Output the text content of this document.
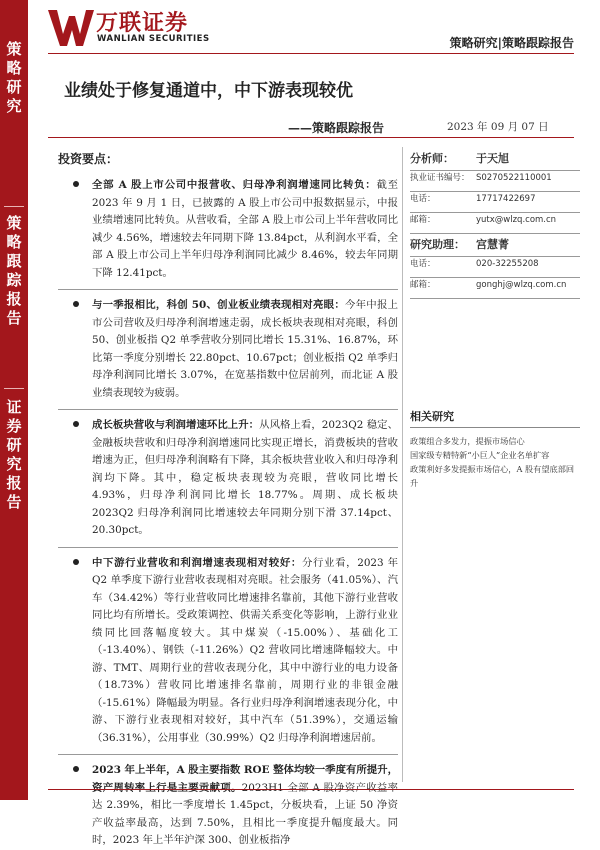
策略研究
策略跟踪报告
证券研究报告
万联证券
WANLIAN SECURITIES	策略研究|策略跟踪报告
业绩处于修复通道中，中下游表现较优
——策略跟踪报告	2023 年 09 月 07 日
投资要点：
全部 A 股上市公司中报营收、归母净利润增速同比转负：截至 2023 年 9 月 1 日，已披露的 A 股上市公司中报数据显示，中报业绩增速同比转负。从营收看，全部 A 股上市公司上半年营收同比减少 4.56%，增速较去年同期下降 13.84pct，从利润水平看，全部 A 股上市公司上半年归母净利润同比减少 8.46%，较去年同期下降 12.41pct。
与一季报相比，科创 50、创业板业绩表现相对亮眼：今年中报上市公司营收及归母净利润增速走弱，成长板块表现相对亮眼，科创 50、创业板指 Q2 单季营收分别同比增长 15.31%、16.87%，环比第一季度分别增长 22.80pct、10.67pct；创业板指 Q2 单季归母净利润同比增长 3.07%，在宽基指数中位居前列，而北证 A 股业绩表现较为疲弱。
成长板块营收与利润增速环比上升：从风格上看，2023Q2 稳定、金融板块营收和归母净利润增速同比实现正增长，消费板块的营收增速为正，但归母净利润略有下降，其余板块营业收入和归母净利润均下降。其中，稳定板块表现较为亮眼，营收同比增长 4.93%，归母净利润同比增长 18.77%。周期、成长板块 2023Q2 归母净利润同比增速较去年同期分别下滑 37.14pct、20.30pct。
中下游行业营收和利润增速表现相对较好：分行业看，2023 年 Q2 单季度下游行业营收表现相对亮眼。社会服务（41.05%）、汽车（34.42%）等行业营收同比增速排名靠前，其他下游行业营收同比均有所增长。受政策调控、供需关系变化等影响，上游行业业绩同比回落幅度较大。其中煤炭（-15.00%）、基础化工（-13.40%）、钢铁（-11.26%）Q2 营收同比增速降幅较大。中游、TMT、周期行业的营收表现分化，其中中游行业的电力设备（18.73%）营收同比增速排名靠前，周期行业的非银金融（-15.61%）降幅最为明显。各行业归母净利润增速表现分化，中游、下游行业表现相对较好，其中汽车（51.39%），交通运输（36.31%），公用事业（30.99%）Q2 归母净利润增速居前。
2023 年上半年，A 股主要指数 ROE 整体均较一季度有所提升，资产周转率上行是主要贡献项。2023H1 全部 A 股净资产收益率达 2.39%，相比一季度增长 1.45pct，分板块看，上证 50 净资产收益率最高，达到 7.50%，且相比一季度提升幅度最大。同时，2023 年上半年沪深 300、创业板指净
分析师：	于天旭
执业证书编号： S0270522110001
电话：	17717422697
邮箱：	yutx@wlzq.com.cn
研究助理：	宫慧菁
电话：	020-32255208
邮箱：	gonghj@wlzq.com.cn
相关研究
政策组合多发力，提振市场信心
国家级专精特新“小巨人”企业名单扩容
政策利好多发提振市场信心，A 股有望底部回升
